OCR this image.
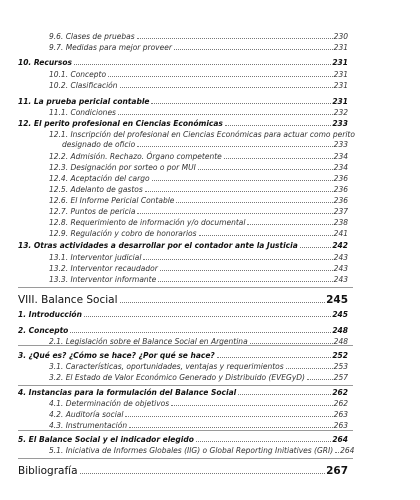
9.6. Clases de pruebas	230
9.7. Medidas para mejor proveer	231
10. Recursos	231
10.1. Concepto	231
10.2. Clasificación	231
11. La prueba pericial contable	231
11.1. Condiciones	232
12. El perito profesional en Ciencias Económicas	233
12.1. Inscripción del profesional en Ciencias Económicas para actuar como perito
designado de oficio	233
12.2. Admisión. Rechazo. Órgano competente	234
12.3. Designación por sorteo o por MUI	234
12.4. Aceptación del cargo	236
12.5. Adelanto de gastos	236
12.6. El Informe Pericial Contable	236
12.7. Puntos de pericia	237
12.8. Requerimiento de información y/o documental	238
12.9. Regulación y cobro de honorarios	241
13. Otras actividades a desarrollar por el contador ante la Justicia	242
13.1. Interventor judicial	243
13.2. Interventor recaudador	243
13.3. Interventor informante	243
VIII. Balance Social	245
1. Introducción	245
2. Concepto	248
2.1. Legislación sobre el Balance Social en Argentina	248
3. ¿Qué es? ¿Cómo se hace? ¿Por qué se hace?	252
3.1. Características, oportunidades, ventajas y requerimientos	253
3.2. El Estado de Valor Económico Generado y Distribuido (EVEGyD)	257
4. Instancias para la formulación del Balance Social	262
4.1. Determinación de objetivos	262
4.2. Auditoría social	263
4.3. Instrumentación	263
5. El Balance Social y el indicador elegido	264
5.1. Iniciativa de Informes Globales (IIG) o Global Reporting Initiatives (GRI) 264
Bibliografía	267
